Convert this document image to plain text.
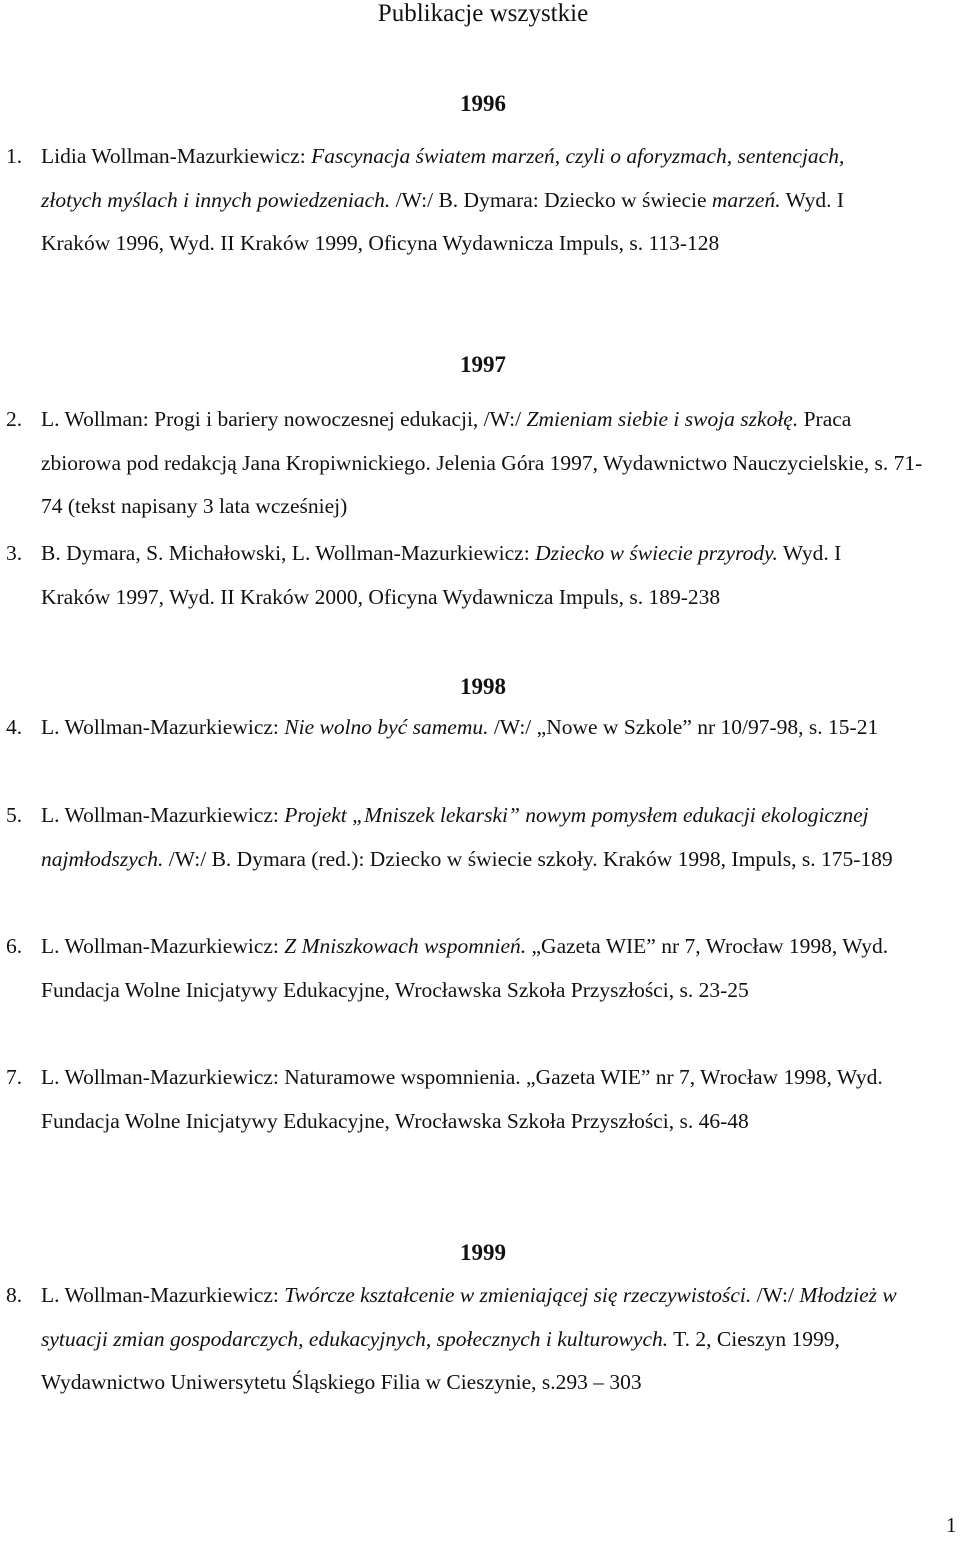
Publikacje wszystkie
1996
1. Lidia Wollman-Mazurkiewicz: Fascynacja światem marzeń, czyli o aforyzmach, sentencjach, złotych myślach i innych powiedzeniach. /W:/ B. Dymara: Dziecko w świecie marzeń. Wyd. I Kraków 1996, Wyd. II Kraków 1999, Oficyna Wydawnicza Impuls, s. 113-128
1997
2. L. Wollman: Progi i bariery nowoczesnej edukacji, /W:/ Zmieniam siebie i swoja szkołę. Praca zbiorowa pod redakcją Jana Kropiwnickiego. Jelenia Góra 1997, Wydawnictwo Nauczycielskie, s. 71-74 (tekst napisany 3 lata wcześniej)
3. B. Dymara, S. Michałowski, L. Wollman-Mazurkiewicz: Dziecko w świecie przyrody. Wyd. I Kraków 1997, Wyd. II Kraków 2000, Oficyna Wydawnicza Impuls, s. 189-238
1998
4. L. Wollman-Mazurkiewicz: Nie wolno być samemu. /W:/ „Nowe w Szkole” nr 10/97-98, s. 15-21
5. L. Wollman-Mazurkiewicz: Projekt „Mniszek lekarski” nowym pomysłem edukacji ekologicznej najmłodszych. /W:/ B. Dymara (red.): Dziecko w świecie szkoły. Kraków 1998, Impuls, s. 175-189
6. L. Wollman-Mazurkiewicz: Z Mniszkowach wspomnień. „Gazeta WIE” nr 7, Wrocław 1998, Wyd. Fundacja Wolne Inicjatywy Edukacyjne, Wrocławska Szkoła Przyszłości, s. 23-25
7. L. Wollman-Mazurkiewicz: Naturamowe wspomnienia. „Gazeta WIE” nr 7, Wrocław 1998, Wyd. Fundacja Wolne Inicjatywy Edukacyjne, Wrocławska Szkoła Przyszłości, s. 46-48
1999
8. L. Wollman-Mazurkiewicz: Twórcze kształcenie w zmieniającej się rzeczywistości. /W:/ Młodzież w sytuacji zmian gospodarczych, edukacyjnych, społecznych i kulturowych. T. 2, Cieszyn 1999, Wydawnictwo Uniwersytetu Śląskiego Filia w Cieszynie, s.293 – 303
1
